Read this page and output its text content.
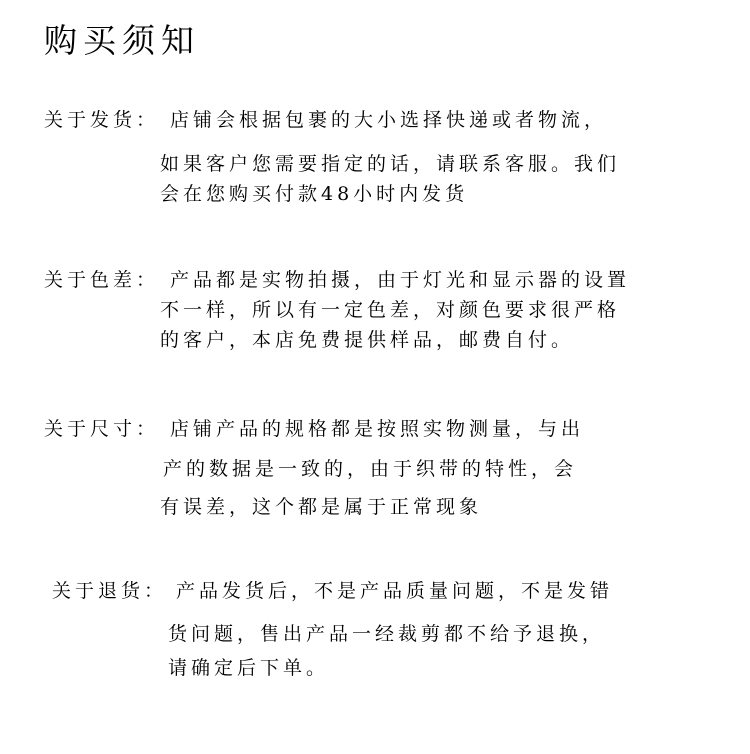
购买须知
关于发货： 店铺会根据包裹的大小选择快递或者物流，
如果客户您需要指定的话，请联系客服。我们
会在您购买付款48小时内发货
关于色差： 产品都是实物拍摄，由于灯光和显示器的设置
不一样，所以有一定色差，对颜色要求很严格
的客户，本店免费提供样品，邮费自付。
关于尺寸： 店铺产品的规格都是按照实物测量，与出
产的数据是一致的，由于织带的特性，会
有误差，这个都是属于正常现象
关于退货： 产品发货后，不是产品质量问题，不是发错
货问题，售出产品一经裁剪都不给予退换，
请确定后下单。
